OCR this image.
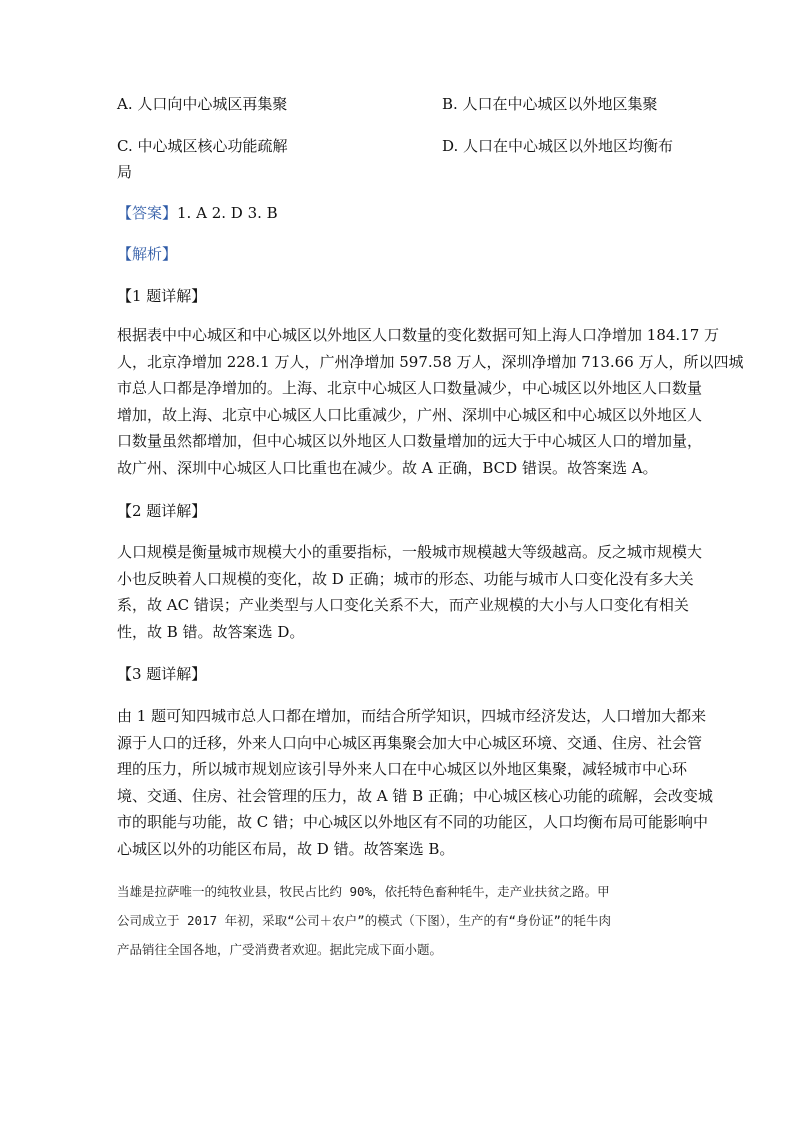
A. 人口向中心城区再集聚	B. 人口在中心城区以外地区集聚
C. 中心城区核心功能疏解	D. 人口在中心城区以外地区均衡布
局
【答案】1. A 2. D 3. B
【解析】
【1 题详解】
根据表中中心城区和中心城区以外地区人口数量的变化数据可知上海人口净增加 184.17 万
人，北京净增加 228.1 万人，广州净增加 597.58 万人，深圳净增加 713.66 万人，所以四城
市总人口都是净增加的。上海、北京中心城区人口数量减少，中心城区以外地区人口数量
增加，故上海、北京中心城区人口比重减少，广州、深圳中心城区和中心城区以外地区人
口数量虽然都增加，但中心城区以外地区人口数量增加的远大于中心城区人口的增加量，
故广州、深圳中心城区人口比重也在减少。故 A 正确，BCD 错误。故答案选 A。
【2 题详解】
人口规模是衡量城市规模大小的重要指标，一般城市规模越大等级越高。反之城市规模大
小也反映着人口规模的变化，故 D 正确；城市的形态、功能与城市人口变化没有多大关
系，故 AC 错误；产业类型与人口变化关系不大，而产业规模的大小与人口变化有相关
性，故 B 错。故答案选 D。
【3 题详解】
由 1 题可知四城市总人口都在增加，而结合所学知识，四城市经济发达，人口增加大都来
源于人口的迁移，外来人口向中心城区再集聚会加大中心城区环境、交通、住房、社会管
理的压力，所以城市规划应该引导外来人口在中心城区以外地区集聚，减轻城市中心环
境、交通、住房、社会管理的压力，故 A 错 B 正确；中心城区核心功能的疏解，会改变城
市的职能与功能，故 C 错；中心城区以外地区有不同的功能区，人口均衡布局可能影响中
心城区以外的功能区布局，故 D 错。故答案选 B。
当雄是拉萨唯一的纯牧业县，牧民占比约 90%，依托特色畜种牦牛，走产业扶贫之路。甲
公司成立于 2017 年初，采取“公司＋农户”的模式（下图），生产的有“身份证”的牦牛肉
产品销往全国各地，广受消费者欢迎。据此完成下面小题。
